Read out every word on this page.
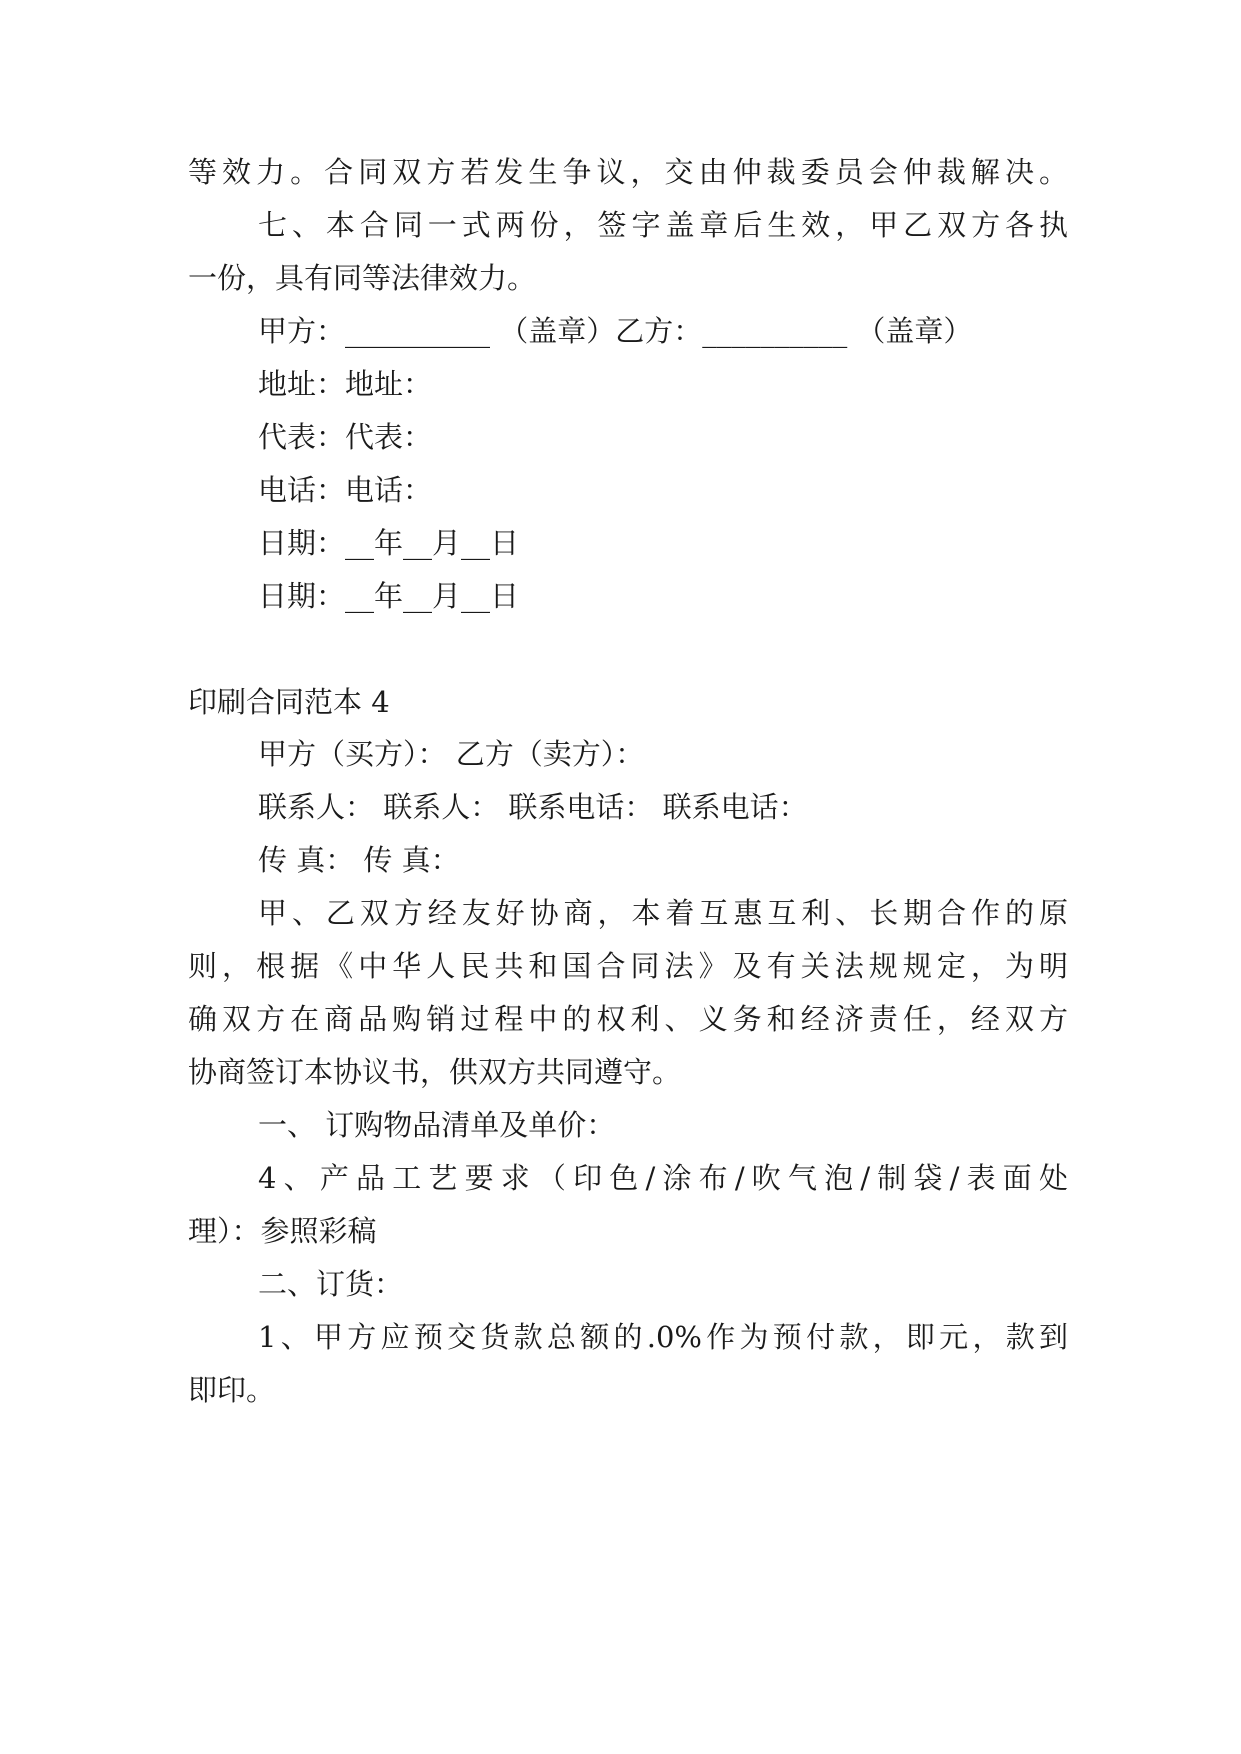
等效力。合同双方若发生争议，交由仲裁委员会仲裁解决。
七、本合同一式两份，签字盖章后生效，甲乙双方各执
一份，具有同等法律效力。
甲方：__________ （盖章）乙方：__________ （盖章）
地址：地址：
代表：代表：
电话：电话：
日期：__年__月__日
日期：__年__月__日
印刷合同范本 4
甲方（买方）： 乙方（卖方）：
联系人： 联系人： 联系电话： 联系电话：
传 真： 传 真：
甲、乙双方经友好协商，本着互惠互利、长期合作的原
则，根据《中华人民共和国合同法》及有关法规规定，为明
确双方在商品购销过程中的权利、义务和经济责任，经双方
协商签订本协议书，供双方共同遵守。
一、 订购物品清单及单价：
4、产品工艺要求（印色/涂布/吹气泡/制袋/表面处
理）：参照彩稿
二、订货：
1、甲方应预交货款总额的.0%作为预付款，即元，款到
即印。
